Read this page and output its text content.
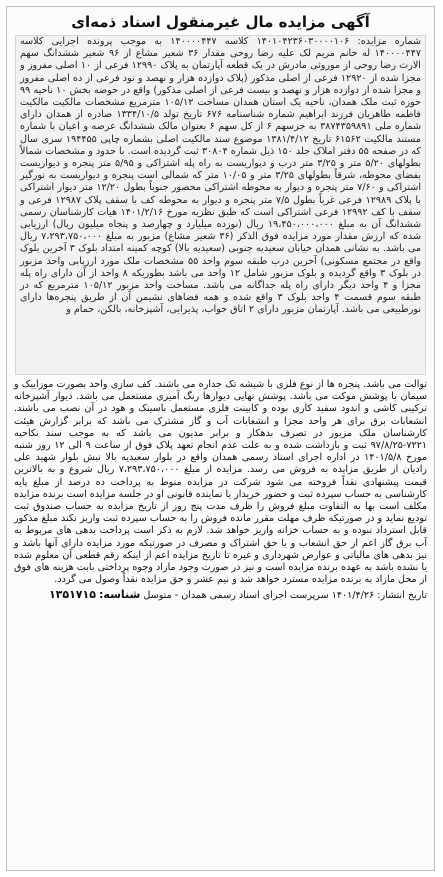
آگهی مزایده مال غیرمنقول اسناد ذمه‌ای

شماره مزایده: ۱۴۰۱۰۴۲۳۶۰۳۰۰۰۰۱۰۶ کلاسه ۱۴۰۰۰۰۴۴۷ به موجب پرونده اجرایی کلاسه ۱۴۰۰۰۰۴۴۷ له خانم مریم لک علیه رضا روحی مقدار ۳۶ شعیر مشاع از ۹۶ شعیر ششدانگ سهم الارث رضا روحی از موروثی مادرش در یک قطعه آپارتمان به پلاک ۱۲۹۹۰ فرعی از ۱۰ اصلی مفروز و مجزا شده از ۱۲۹۲۰ فرعی از اصلی مذکور (پلاک دوازده هزار و نهصد و نود فرعی از ده اصلی مفروز و مجزا شده از دوازده هزار و نهصد و بیست فرعی از اصلی مذکور) واقع در حوضه بخش ۱۰ ناحیه ۹۹ حوزه ثبت ملک همدان، ناحیه یک استان همدان مساحت ۱۰۵/۱۲ مترمربع مشخصات مالکیت مالکیت فاطمه طاهریان فرزند ابراهیم شماره شناسنامه ۶۷۶ تاریخ تولد ۱۳۳۴/۱۰/۵ صادره از همدان دارای شماره ملی ۳۸۷۴۳۵۹۸۹۱ به جزسهم ۶ از کل سهم ۶ بعنوان مالک ششدانگ عرصه و اعیان با شماره مستند مالکیت ۶۱۵۶۲ تاریخ ۱۳۸۱/۴/۱۲ موضوع سند مالکیت اصلی بشماره چاپی ۱۹۴۴۵۵ سری سال که در صفحه ۵۵ دفتر املاک جلد ۱۵۰ ذیل شماره ۳۰۸۰۴ ثبت گردیده است. با حدود و مشخصات شمالاً بطولهای ۵/۲۰ متر و ۳/۲۵ متر درب و دیواریست به راه پله اشتراکی و ۵/۹۵ متر پنجره و دیواریست بفضای محوطه، شرقاً بطولهای ۳/۲۵ متر و ۱۰/۰۵ متر که شمالی است پنجره و دیواریست به نورگیر اشتراکی و ۷/۶۰ متر پنجره و دیوار به محوطه اشتراکی محصور جنوباً بطول ۱۲/۲۰ متر دیوار اشتراکی با پلاک ۱۲۹۸۹ فرعی غرباً بطول ۷/۵ متر پنجره و دیوار به محوطه کف با سقف پلاک ۱۲۹۸۷ فرعی و سقف با کف ۱۲۹۹۲ فرعی اشتراکی است که طبق نظریه مورخ ۱۴۰۱/۲/۱۶ هیات کارشناسان رسمی ششدانگ آن به مبلغ ۱۹،۴۵۰،۰۰۰،۰۰۰ ریال (نوزده میلیارد و چهارصد و پنجاه میلیون ریال) ارزیابی شده که ارزش مقدار مورد مزایده فوق الذکر (۳۶ شعیر مشاع) مزبور به مبلغ ۷،۲۹۳،۷۵۰،۰۰۰ ریال می باشد. به نشانی همدان خیابان سعیدیه جنوبی (سعیدیه بالا) کوچه کمینه امتداد بلوک ۳ آخرین بلوک واقع در مجتمع مسکونی) آخرین درب طبقه سوم واحد ۵۵ مشخصات ملک مورد ارزیابی واحد مزبور در بلوک ۳ واقع گردیده و بلوک مزبور شامل ۱۲ واحد می باشد بطوریکه ۸ واحد از آن دارای راه پله مجزا و ۴ واحد دیگر دارای راه پله جداگانه می باشد. مساحت واحد مزبور ۱۰۵/۱۲ مترمربع که در طبقه سوم قسمت ۴ واحد بلوک ۳ واقع شده و همه فضاهای نشیمن آن از طریق پنجره‌ها دارای نورطبیعی می باشد. آپارتمان مزبور دارای ۲ اتاق خواب، پذیرایی، آشپزخانه، بالکن، حمام و

توالت می باشد. پنجره ها از نوع فلزی با شیشه تک جداره می باشند. کف سازی واحد بصورت موزاییک و سیمان با پوشش موکت می باشد. پوشش نهایی دیوارها رنگ آمیزی مستعمل می باشد. دیوار آشپزخانه ترکیبی کاشی و اندود سفید کاری بوده و کابینت فلزی مستعمل باسینک و هود در آن نصب می باشند. انشعابات برق برای هر واحد مجزا و انشعابات آب و گاز مشترک می باشد که برابر گزارش هیئت کارشناسان ملک مزبور در تصرف بدهکار و برابر مدیون می باشد که به موجب سند نکاحیه ۷۲۲۱-۹۷/۸/۲۵ ثبت و بازداشت شده و به علت عدم انجام تعهد پلاک فوق از ساعت ۹ الی ۱۲ روز شنبه مورخ ۱۴۰۱/۵/۸ در اداره اجرای اسناد رسمی همدان واقع در بلوار سعیدیه بالا نبش بلوار شهید علی زادیان از طریق مزایده به فروش می رسد. مزایده از مبلغ ۷،۲۹۳،۷۵۰،۰۰۰ ریال شروع و به بالاترین قیمت پیشنهادی نقداً فروخته می شود شرکت در مزایده منوط به پرداخت ده درصد از مبلغ پایه کارشناسی به حساب سپرده ثبت و حضور خریدار یا نماینده قانونی او در جلسه مزایده است برنده مزایده مکلف است بها به التفاوت مبلغ فروش را ظرف مدت پنج روز از تاریخ مزایده به حساب صندوق ثبت تودیع نماید و در صورتیکه ظرف مهلت مقرر مانده فروش را به حساب سپرده ثبت واریز نکند مبلغ مذکور قابل استرداد نبوده و به حساب خزانه واریز خواهد شد. لازم به ذکر است پرداخت بدهی های مربوط به آب برق گاز اعم از حق انشعاب و یا حق اشتراک و مصرف در صورتیکه مورد مزایده دارای آنها باشد و نیز بدهی های مالیاتی و عوارض شهرداری و غیره تا تاریخ مزایده اعم از اینکه رقم قطعی آن معلوم شده یا نشده باشد به عهده برنده مزایده است و نیز در صورت وجود مازاد وجوه پرداختی بابت هزینه های فوق از محل مازاد به برنده مزایده مسترد خواهد شد و نیم عشر و حق مزایده نقداً وصول می گردد.

تاریخ انتشار: ۱۴۰۱/۴/۲۶ سرپرست اجرای اسناد رسمی همدان - متوسل شناسه: ۱۳۵۱۷۱۵
